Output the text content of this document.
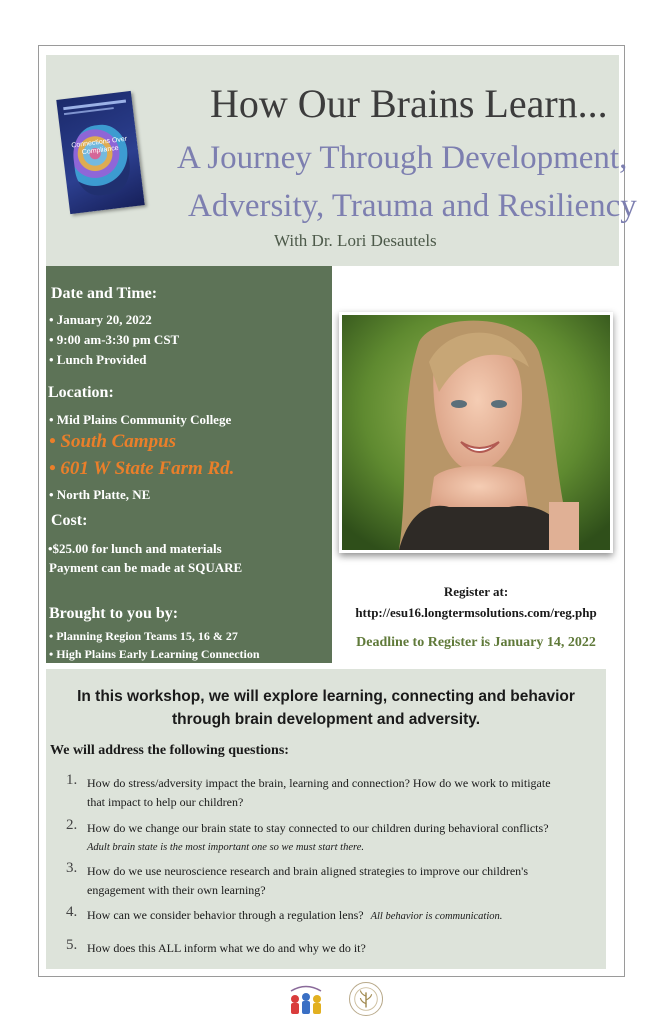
Connections Over Compliance
How Our Brains Learn...
A Journey Through Development,
Adversity, Trauma and Resiliency
With Dr. Lori Desautels
Date and Time:
• January 20, 2022
• 9:00 am-3:30 pm CST
• Lunch Provided
Location:
• Mid Plains Community College
• South Campus
• 601 W State Farm Rd.
• North Platte, NE
Cost:
•$25.00 for lunch and materials
Payment can be made at SQUARE
Brought to you by:
• Planning Region Teams 15, 16 & 27
• High Plains Early Learning Connection
Register at:
http://esu16.longtermsolutions.com/reg.php
Deadline to Register is January 14, 2022
In this workshop, we will explore learning, connecting and behavior
through brain development and adversity.
We will address the following questions:
1. How do stress/adversity impact the brain, learning and connection? How do we work to mitigate
that impact to help our children?
2. How do we change our brain state to stay connected to our children during behavioral conflicts?
Adult brain state is the most important one so we must start there.
3. How do we use neuroscience research and brain aligned strategies to improve our children's
engagement with their own learning?
4. How can we consider behavior through a regulation lens? All behavior is communication.
5. How does this ALL inform what we do and why we do it?
